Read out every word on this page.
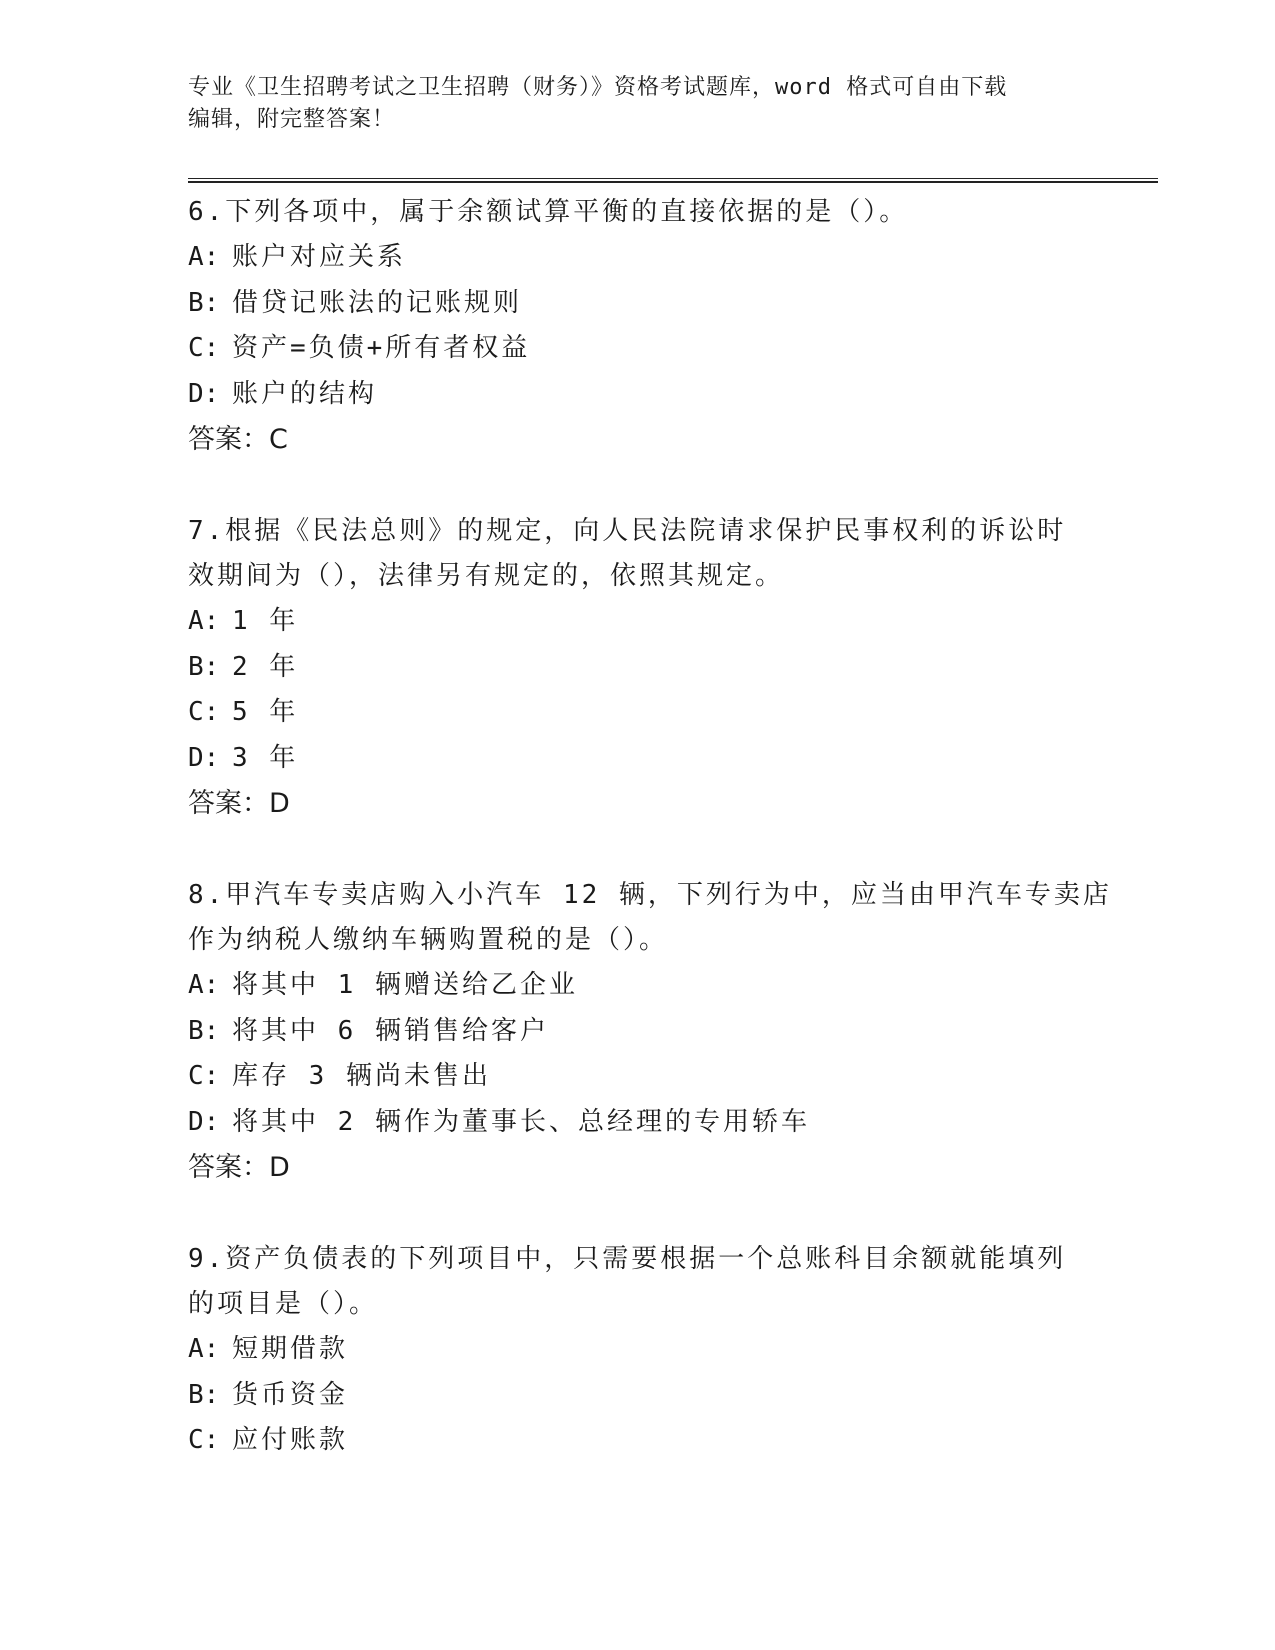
专业《卫生招聘考试之卫生招聘（财务）》资格考试题库，word 格式可自由下载
编辑，附完整答案！

6.下列各项中，属于余额试算平衡的直接依据的是（）。

A: 账户对应关系

B: 借贷记账法的记账规则

C: 资产=负债+所有者权益

D: 账户的结构

答案：C

7.根据《民法总则》的规定，向人民法院请求保护民事权利的诉讼时

效期间为（），法律另有规定的，依照其规定。

A: 1 年

B: 2 年

C: 5 年

D: 3 年

答案：D

8.甲汽车专卖店购入小汽车 12 辆，下列行为中，应当由甲汽车专卖店

作为纳税人缴纳车辆购置税的是（）。

A: 将其中 1 辆赠送给乙企业

B: 将其中 6 辆销售给客户

C: 库存 3 辆尚未售出

D: 将其中 2 辆作为董事长、总经理的专用轿车

答案：D

9.资产负债表的下列项目中，只需要根据一个总账科目余额就能填列

的项目是（）。

A: 短期借款

B: 货币资金

C: 应付账款
